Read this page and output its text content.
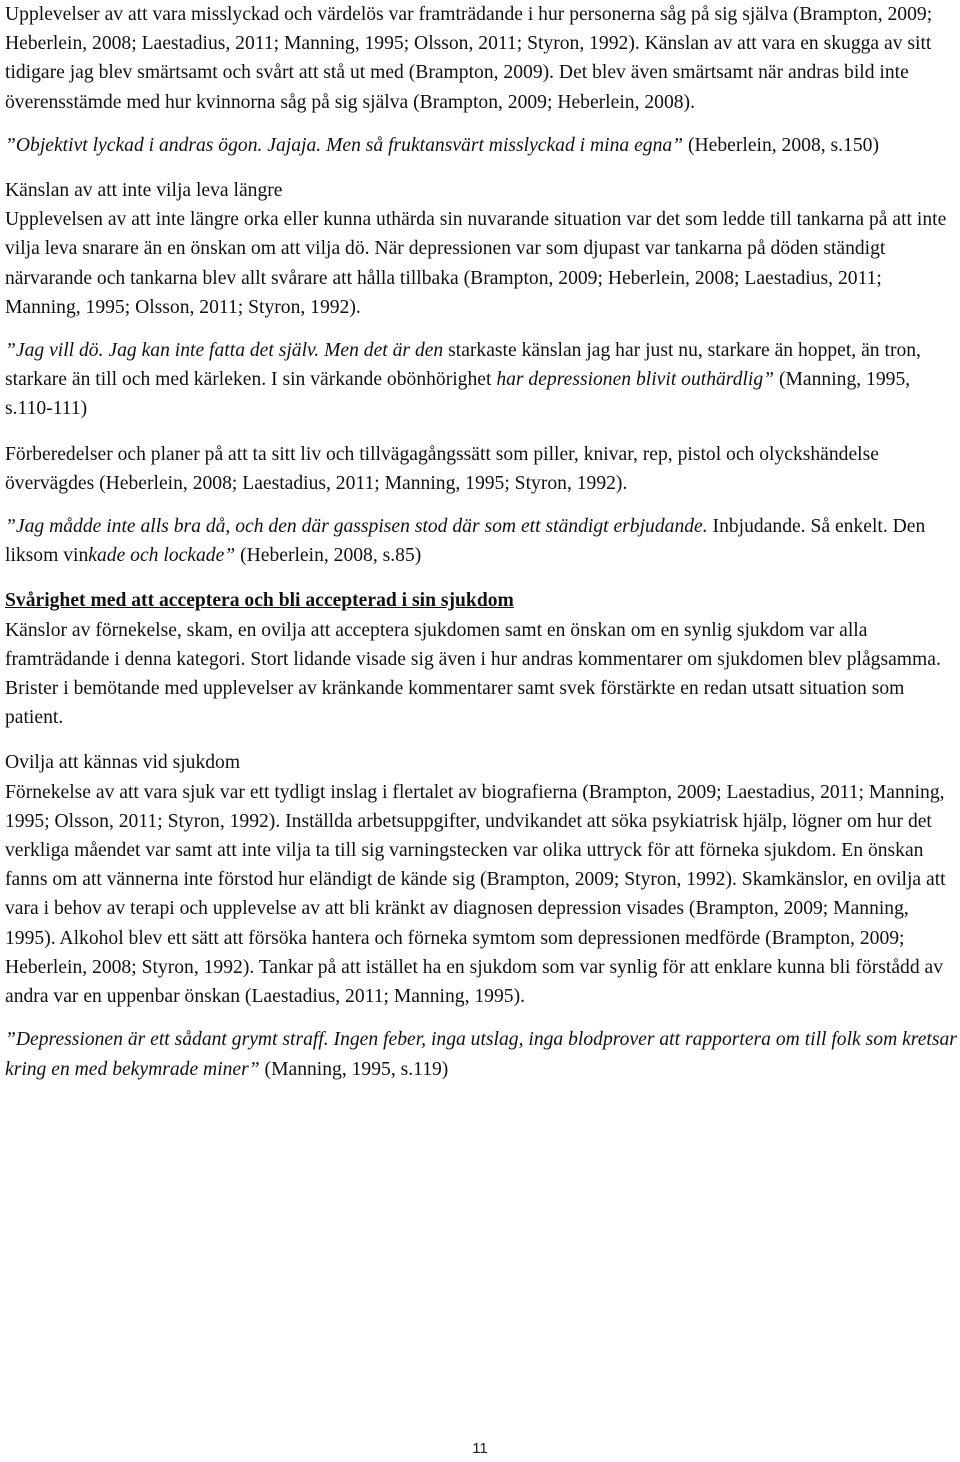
Upplevelser av att vara misslyckad och värdelös var framträdande i hur personerna såg på sig själva (Brampton, 2009; Heberlein, 2008; Laestadius, 2011; Manning, 1995; Olsson, 2011; Styron, 1992). Känslan av att vara en skugga av sitt tidigare jag blev smärtsamt och svårt att stå ut med (Brampton, 2009). Det blev även smärtsamt när andras bild inte överensstämde med hur kvinnorna såg på sig själva (Brampton, 2009; Heberlein, 2008).

”Objektivt lyckad i andras ögon. Jajaja. Men så fruktansvärt misslyckad i mina egna” (Heberlein, 2008, s.150)

Känslan av att inte vilja leva längre

Upplevelsen av att inte längre orka eller kunna uthärda sin nuvarande situation var det som ledde till tankarna på att inte vilja leva snarare än en önskan om att vilja dö. När depressionen var som djupast var tankarna på döden ständigt närvarande och tankarna blev allt svårare att hålla tillbaka (Brampton, 2009; Heberlein, 2008; Laestadius, 2011; Manning, 1995; Olsson, 2011; Styron, 1992).

”Jag vill dö. Jag kan inte fatta det själv. Men det är den starkaste känslan jag har just nu, starkare än hoppet, än tron, starkare än till och med kärleken. I sin värkande obönhörighet har depressionen blivit outhärdlig” (Manning, 1995, s.110-111)

Förberedelser och planer på att ta sitt liv och tillvägagångssätt som piller, knivar, rep, pistol och olyckshändelse övervägdes (Heberlein, 2008; Laestadius, 2011; Manning, 1995; Styron, 1992).

”Jag mådde inte alls bra då, och den där gasspisen stod där som ett ständigt erbjudande. Inbjudande. Så enkelt. Den liksom vinkade och lockade” (Heberlein, 2008, s.85)

Svårighet med att acceptera och bli accepterad i sin sjukdom

Känslor av förnekelse, skam, en ovilja att acceptera sjukdomen samt en önskan om en synlig sjukdom var alla framträdande i denna kategori. Stort lidande visade sig även i hur andras kommentarer om sjukdomen blev plågsamma. Brister i bemötande med upplevelser av kränkande kommentarer samt svek förstärkte en redan utsatt situation som patient.

Ovilja att kännas vid sjukdom

Förnekelse av att vara sjuk var ett tydligt inslag i flertalet av biografierna (Brampton, 2009; Laestadius, 2011; Manning, 1995; Olsson, 2011; Styron, 1992). Inställda arbetsuppgifter, undvikandet att söka psykiatrisk hjälp, lögner om hur det verkliga måendet var samt att inte vilja ta till sig varningstecken var olika uttryck för att förneka sjukdom. En önskan fanns om att vännerna inte förstod hur eländigt de kände sig (Brampton, 2009; Styron, 1992). Skamkänslor, en ovilja att vara i behov av terapi och upplevelse av att bli kränkt av diagnosen depression visades (Brampton, 2009; Manning, 1995). Alkohol blev ett sätt att försöka hantera och förneka symtom som depressionen medförde (Brampton, 2009; Heberlein, 2008; Styron, 1992). Tankar på att istället ha en sjukdom som var synlig för att enklare kunna bli förstådd av andra var en uppenbar önskan (Laestadius, 2011; Manning, 1995).

”Depressionen är ett sådant grymt straff. Ingen feber, inga utslag, inga blodprover att rapportera om till folk som kretsar kring en med bekymrade miner” (Manning, 1995, s.119)

11
